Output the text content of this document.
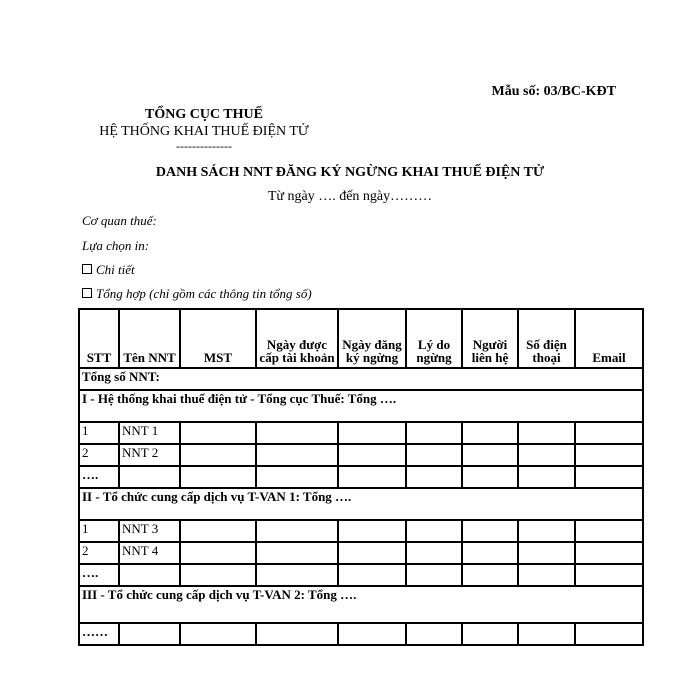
Mẫu số: 03/BC-KĐT
TỔNG CỤC THUẾ
HỆ THỐNG KHAI THUẾ ĐIỆN TỬ
--------------
DANH SÁCH NNT ĐĂNG KÝ NGỪNG KHAI THUẾ ĐIỆN TỬ
Từ ngày …. đến ngày………
Cơ quan thuế:
Lựa chọn in:
Chi tiết
Tổng hợp (chỉ gồm các thông tin tổng số)
STT	Tên NNT	MST	Ngày được cấp tài khoản	Ngày đăng ký ngừng	Lý do ngừng	Người liên hệ	Số điện thoại	Email
Tổng số NNT:								
I - Hệ thống khai thuế điện tử - Tổng cục Thuế: Tổng ….								
1	NNT 1							
2	NNT 2							
….								
II - Tổ chức cung cấp dịch vụ T-VAN 1: Tổng ….								
1	NNT 3							
2	NNT 4							
….								
III - Tổ chức cung cấp dịch vụ T-VAN 2: Tổng ….								
……								
